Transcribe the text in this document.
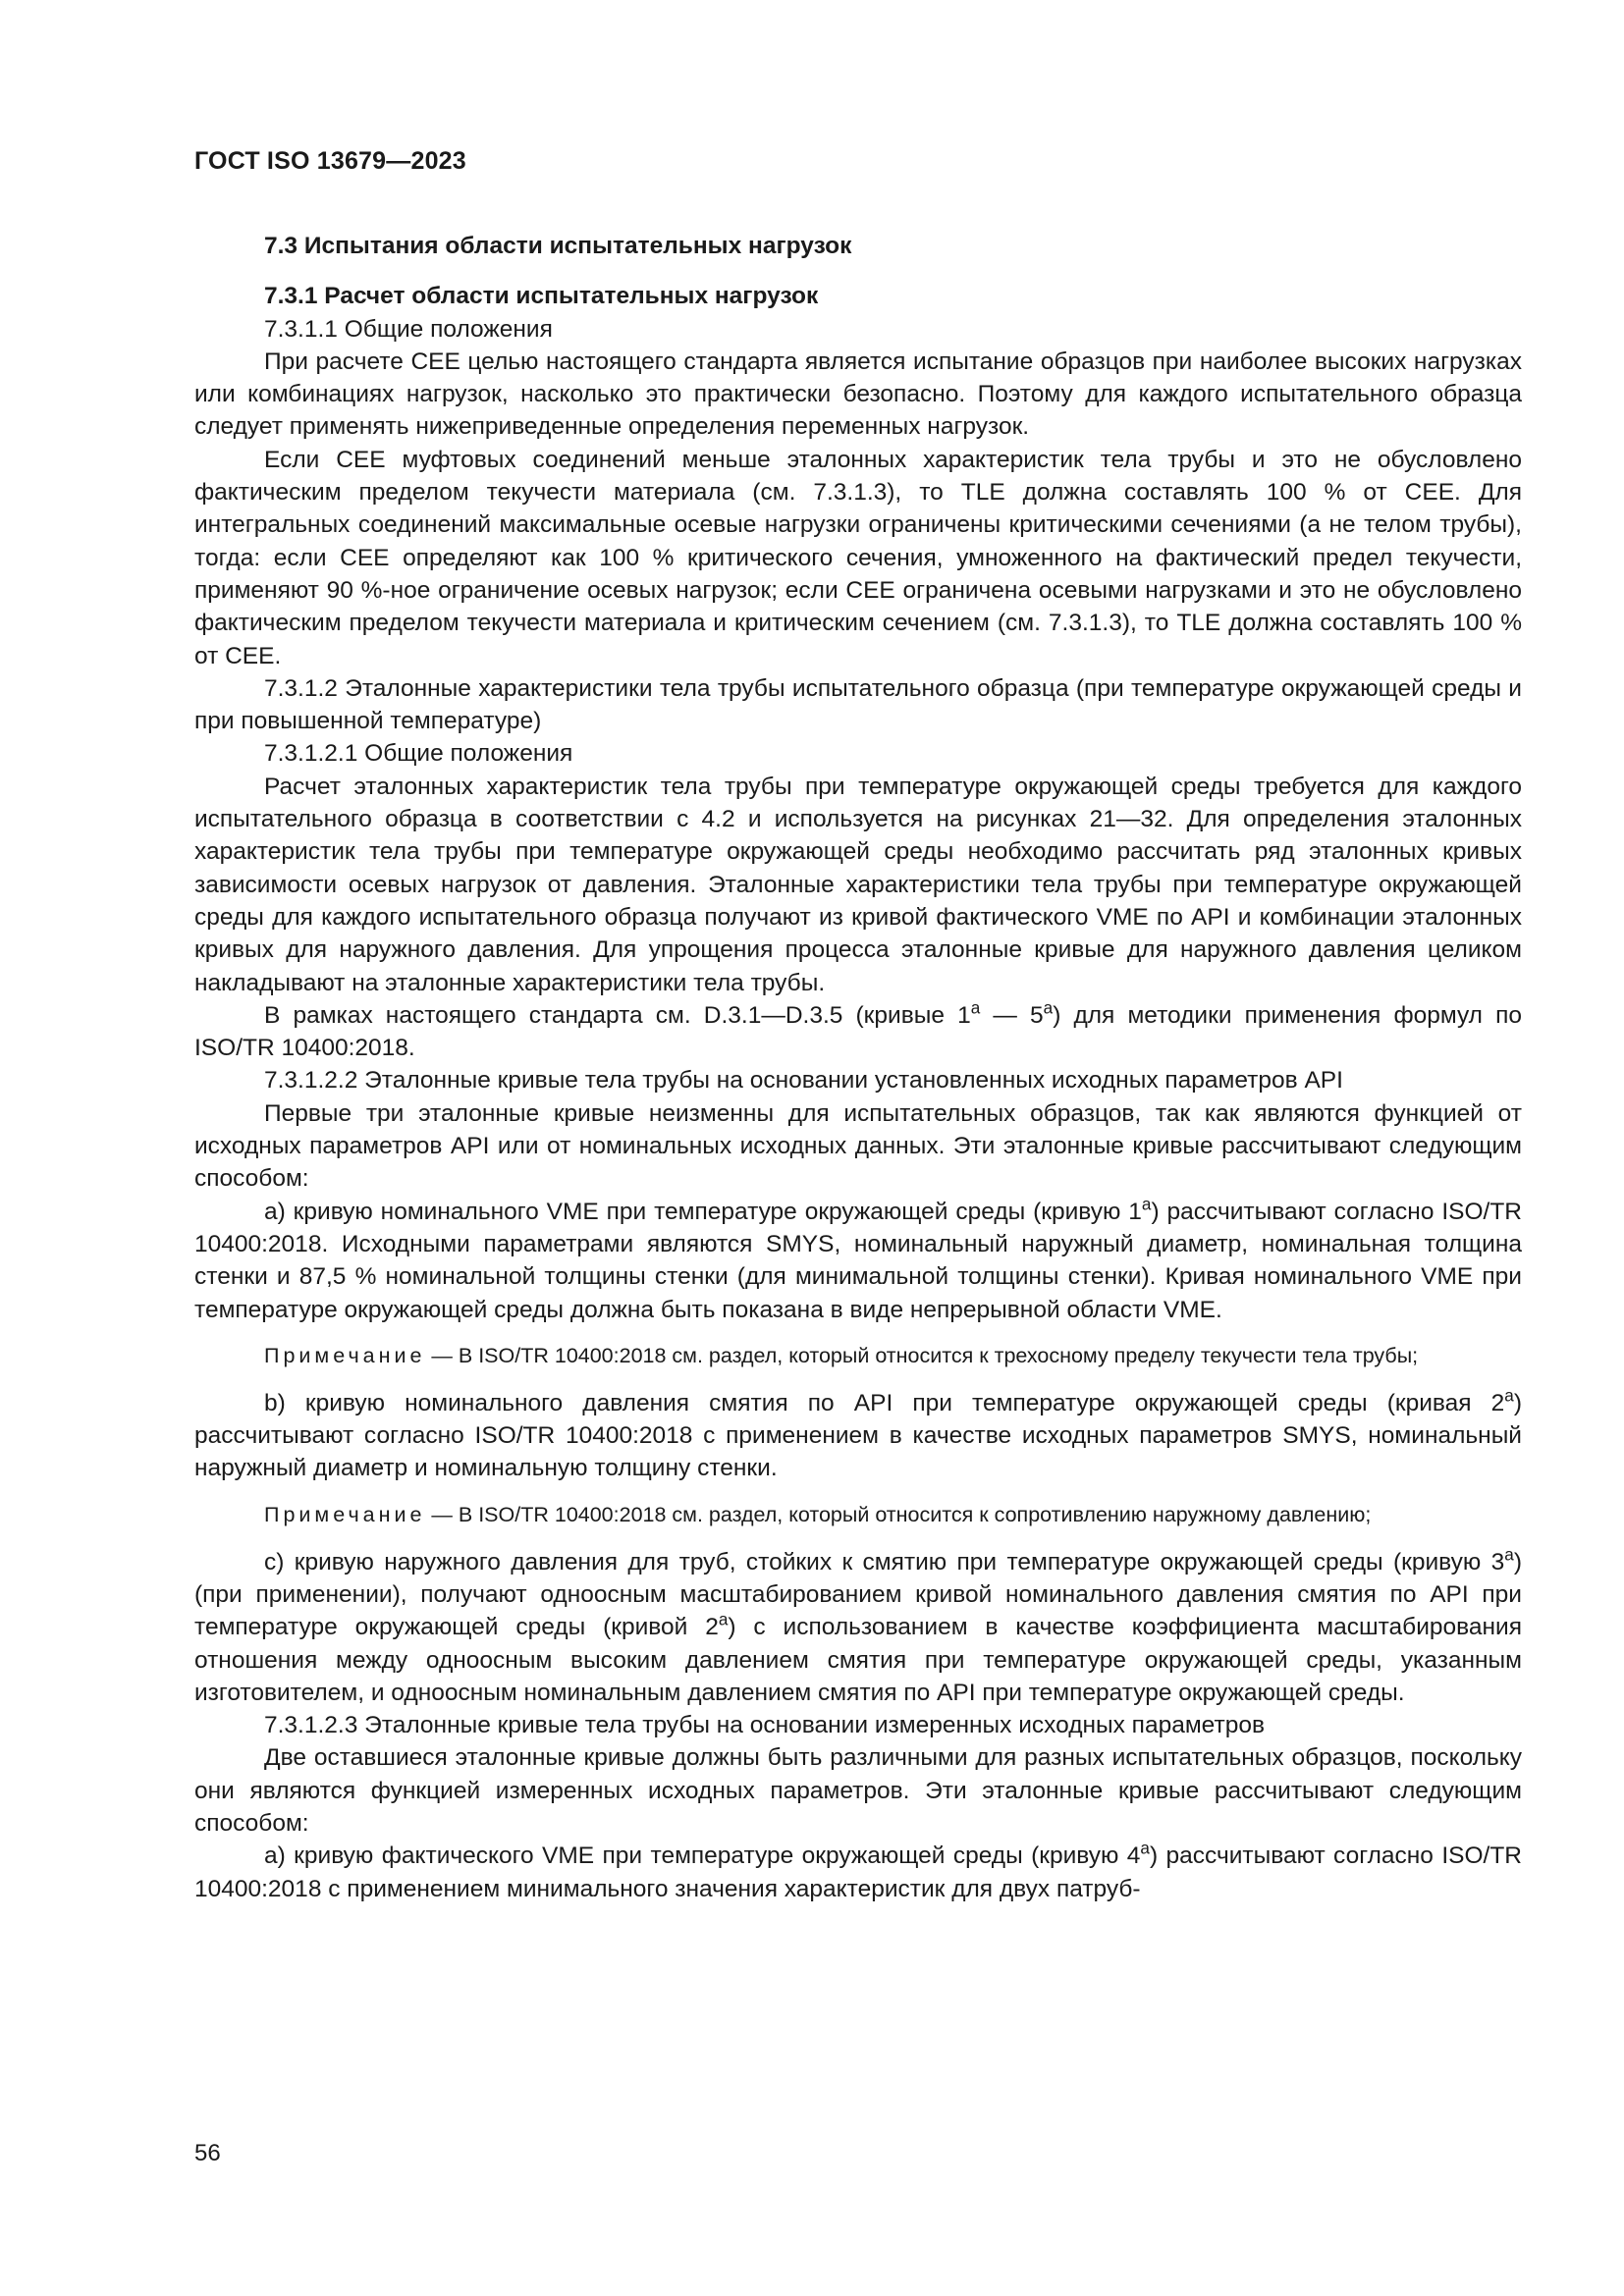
ГОСТ ISO 13679—2023

7.3 Испытания области испытательных нагрузок

7.3.1 Расчет области испытательных нагрузок

7.3.1.1 Общие положения

При расчете CEE целью настоящего стандарта является испытание образцов при наиболее высоких нагрузках или комбинациях нагрузок, насколько это практически безопасно. Поэтому для каждого испытательного образца следует применять нижеприведенные определения переменных нагрузок.

Если CEE муфтовых соединений меньше эталонных характеристик тела трубы и это не обусловлено фактическим пределом текучести материала (см. 7.3.1.3), то TLE должна составлять 100 % от CEE. Для интегральных соединений максимальные осевые нагрузки ограничены критическими сечениями (а не телом трубы), тогда: если CEE определяют как 100 % критического сечения, умноженного на фактический предел текучести, применяют 90 %-ное ограничение осевых нагрузок; если CEE ограничена осевыми нагрузками и это не обусловлено фактическим пределом текучести материала и критическим сечением (см. 7.3.1.3), то TLE должна составлять 100 % от CEE.

7.3.1.2 Эталонные характеристики тела трубы испытательного образца (при температуре окружающей среды и при повышенной температуре)

7.3.1.2.1 Общие положения

Расчет эталонных характеристик тела трубы при температуре окружающей среды требуется для каждого испытательного образца в соответствии с 4.2 и используется на рисунках 21—32. Для определения эталонных характеристик тела трубы при температуре окружающей среды необходимо рассчитать ряд эталонных кривых зависимости осевых нагрузок от давления. Эталонные характеристики тела трубы при температуре окружающей среды для каждого испытательного образца получают из кривой фактического VME по API и комбинации эталонных кривых для наружного давления. Для упрощения процесса эталонные кривые для наружного давления целиком накладывают на эталонные характеристики тела трубы.

В рамках настоящего стандарта см. D.3.1—D.3.5 (кривые $1^а$ — $5^а$) для методики применения формул по ISO/TR 10400:2018.

7.3.1.2.2 Эталонные кривые тела трубы на основании установленных исходных параметров API

Первые три эталонные кривые неизменны для испытательных образцов, так как являются функцией от исходных параметров API или от номинальных исходных данных. Эти эталонные кривые рассчитывают следующим способом:

a) кривую номинального VME при температуре окружающей среды (кривую $1^а$) рассчитывают согласно ISO/TR 10400:2018. Исходными параметрами являются SMYS, номинальный наружный диаметр, номинальная толщина стенки и 87,5 % номинальной толщины стенки (для минимальной толщины стенки). Кривая номинального VME при температуре окружающей среды должна быть показана в виде непрерывной области VME.

Примечание — В ISO/TR 10400:2018 см. раздел, который относится к трехосному пределу текучести тела трубы;

b) кривую номинального давления смятия по API при температуре окружающей среды (кривая $2^а$) рассчитывают согласно ISO/TR 10400:2018 с применением в качестве исходных параметров SMYS, номинальный наружный диаметр и номинальную толщину стенки.

Примечание — В ISO/TR 10400:2018 см. раздел, который относится к сопротивлению наружному давлению;

c) кривую наружного давления для труб, стойких к смятию при температуре окружающей среды (кривую $3^а$) (при применении), получают одноосным масштабированием кривой номинального давления смятия по API при температуре окружающей среды (кривой $2^а$) с использованием в качестве коэффициента масштабирования отношения между одноосным высоким давлением смятия при температуре окружающей среды, указанным изготовителем, и одноосным номинальным давлением смятия по API при температуре окружающей среды.

7.3.1.2.3 Эталонные кривые тела трубы на основании измеренных исходных параметров

Две оставшиеся эталонные кривые должны быть различными для разных испытательных образцов, поскольку они являются функцией измеренных исходных параметров. Эти эталонные кривые рассчитывают следующим способом:

a) кривую фактического VME при температуре окружающей среды (кривую $4^а$) рассчитывают согласно ISO/TR 10400:2018 с применением минимального значения характеристик для двух патруб-

56
